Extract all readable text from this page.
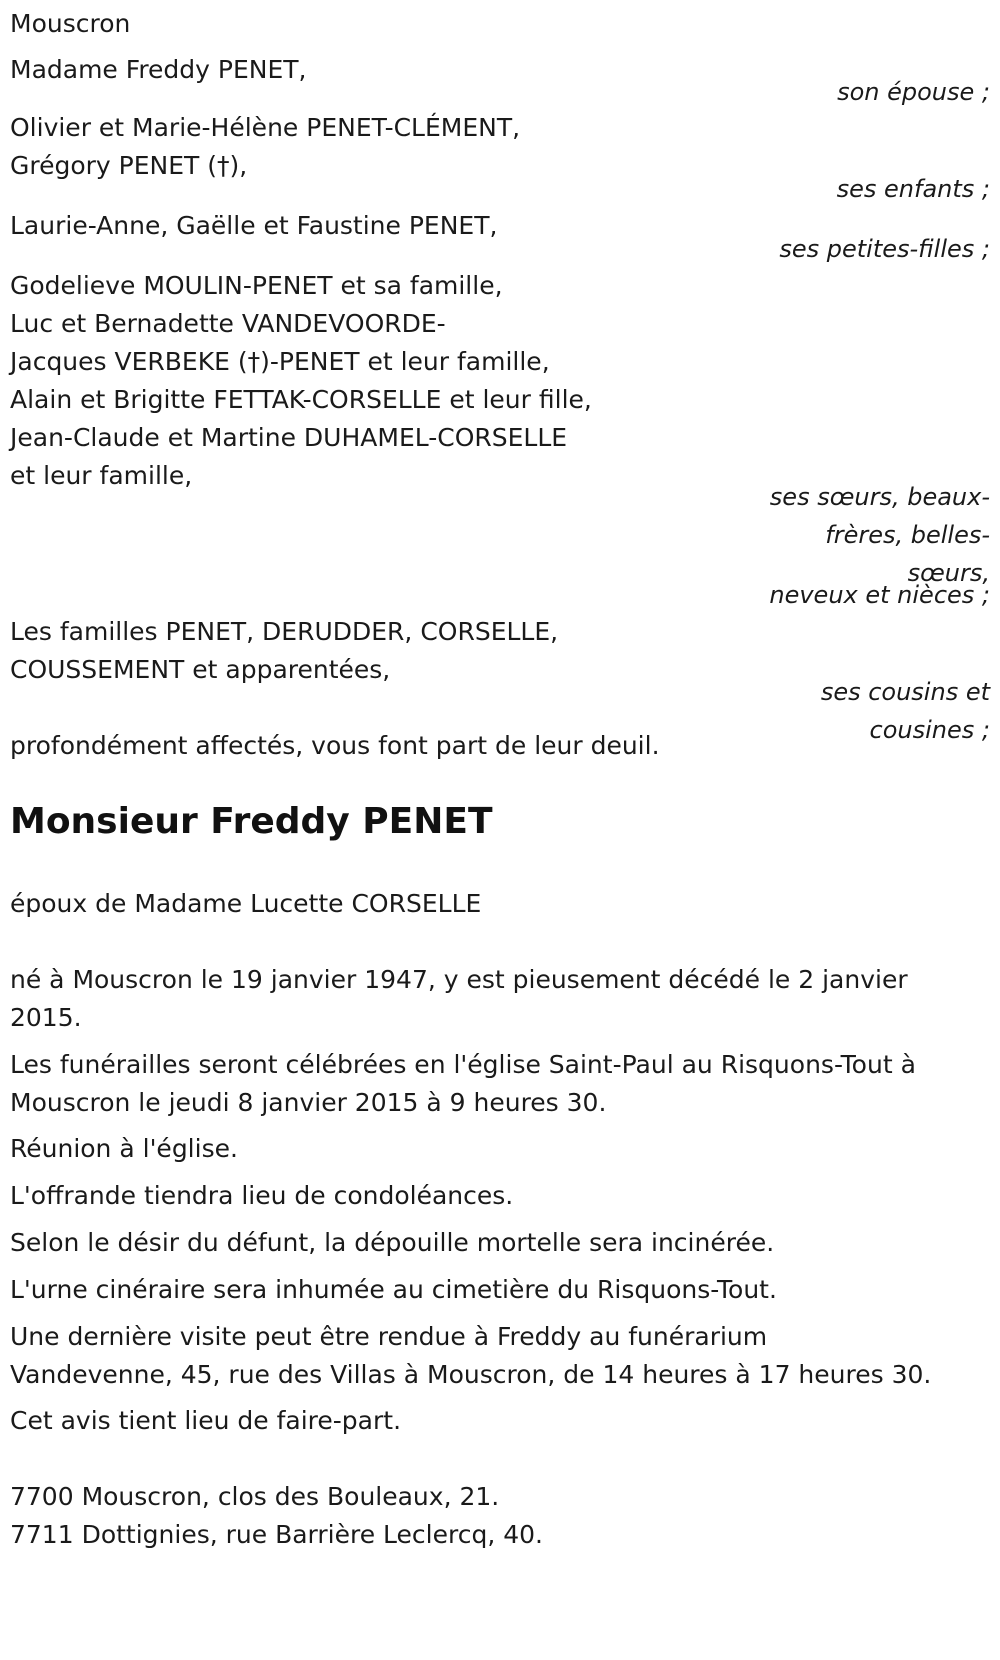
Mouscron
Madame Freddy PENET,
son épouse ;
Olivier et Marie-Hélène PENET-CLÉMENT,
Grégory PENET (†),
ses enfants ;
Laurie-Anne, Gaëlle et Faustine PENET,
ses petites-filles ;
Godelieve MOULIN-PENET et sa famille,
Luc et Bernadette VANDEVOORDE-
Jacques VERBEKE (†)-PENET et leur famille,
Alain et Brigitte FETTAK-CORSELLE et leur fille,
Jean-Claude et Martine DUHAMEL-CORSELLE
et leur famille,
ses sœurs, beaux-
frères, belles-
sœurs,
neveux et nièces ;
Les familles PENET, DERUDDER, CORSELLE,
COUSSEMENT et apparentées,
ses cousins et
cousines ;
profondément affectés, vous font part de leur deuil.
Monsieur Freddy PENET
époux de Madame Lucette CORSELLE
né à Mouscron le 19 janvier 1947, y est pieusement décédé le 2 janvier
2015.
Les funérailles seront célébrées en l'église Saint-Paul au Risquons-Tout à
Mouscron le jeudi 8 janvier 2015 à 9 heures 30.
Réunion à l'église.
L'offrande tiendra lieu de condoléances.
Selon le désir du défunt, la dépouille mortelle sera incinérée.
L'urne cinéraire sera inhumée au cimetière du Risquons-Tout.
Une dernière visite peut être rendue à Freddy au funérarium
Vandevenne, 45, rue des Villas à Mouscron, de 14 heures à 17 heures 30.
Cet avis tient lieu de faire-part.
7700 Mouscron, clos des Bouleaux, 21.
7711 Dottignies, rue Barrière Leclercq, 40.
